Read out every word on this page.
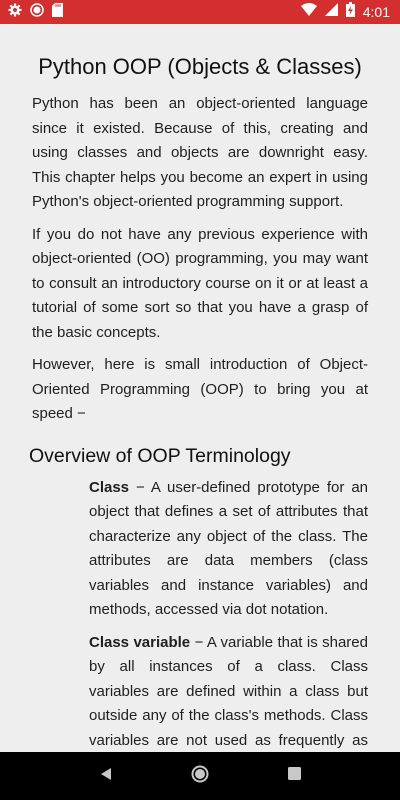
4:01
Python OOP (Objects & Classes)

Python has been an object-oriented language since it existed. Because of this, creating and using classes and objects are downright easy. This chapter helps you become an expert in using Python's object-oriented programming support.

If you do not have any previous experience with object-oriented (OO) programming, you may want to consult an introductory course on it or at least a tutorial of some sort so that you have a grasp of the basic concepts.

However, here is small introduction of Object-Oriented Programming (OOP) to bring you at speed −

Overview of OOP Terminology

Class − A user-defined prototype for an object that defines a set of attributes that characterize any object of the class. The attributes are data members (class variables and instance variables) and methods, accessed via dot notation.

Class variable − A variable that is shared by all instances of a class. Class variables are defined within a class but outside any of the class's methods. Class variables are not used as frequently as
